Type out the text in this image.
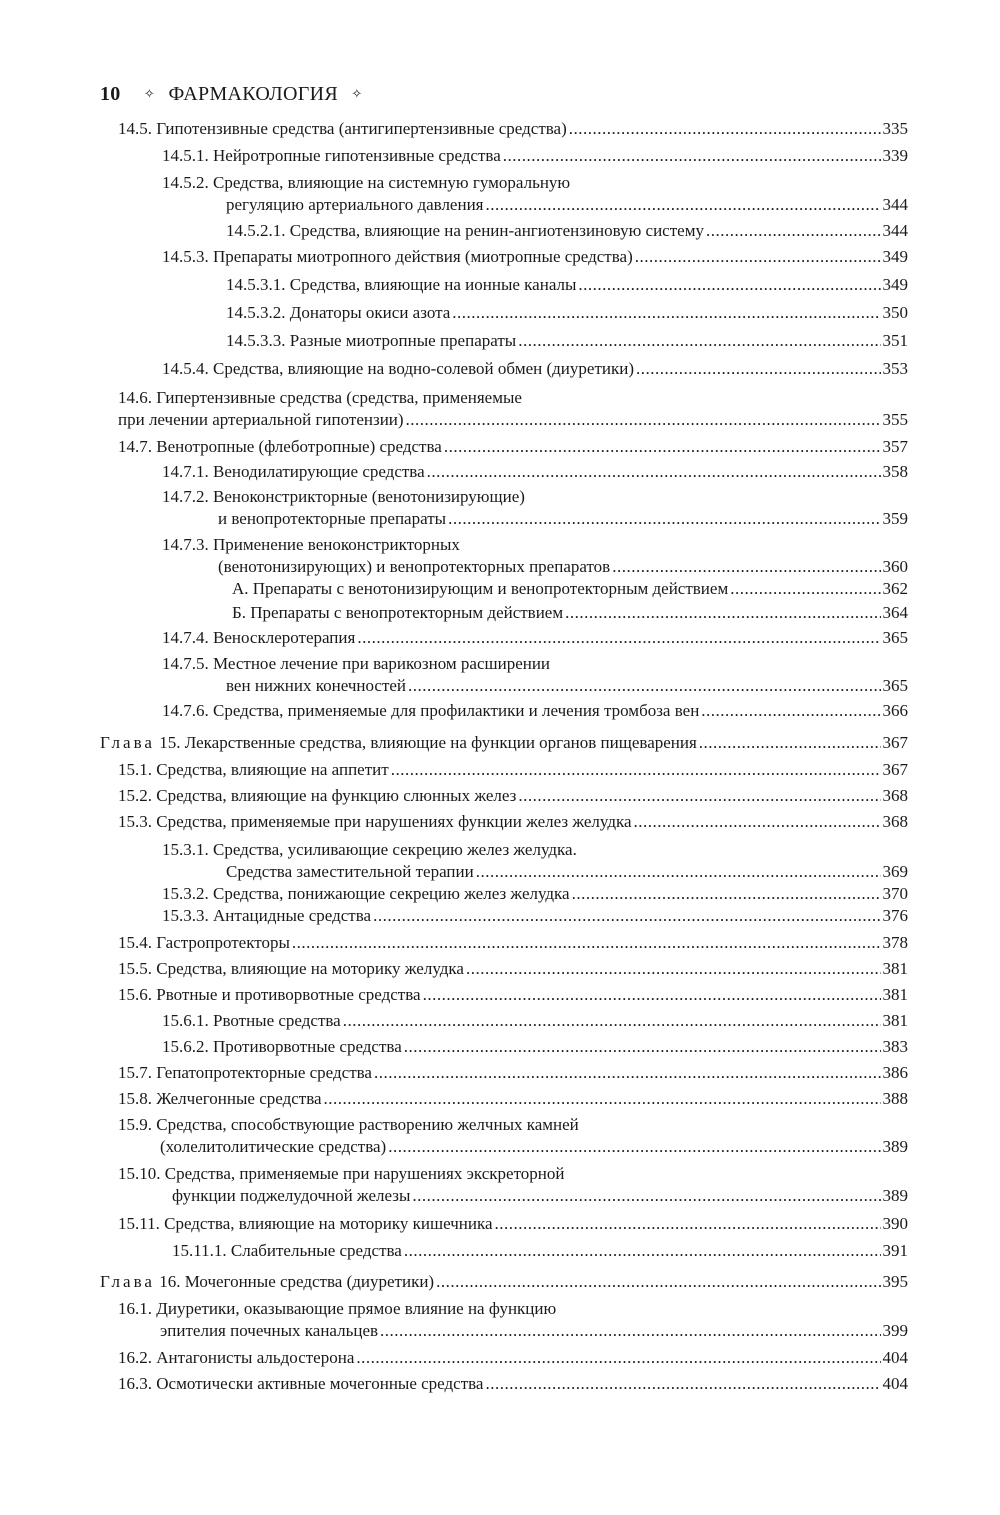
10 ✧ ФАРМАКОЛОГИЯ ✧
14.5. Гипотензивные средства (антигипертензивные средства) .....	335
14.5.1. Нейротропные гипотензивные средства .....	339
14.5.2. Средства, влияющие на системную гуморальную
регуляцию артериального давления .....	344
14.5.2.1. Средства, влияющие на ренин-ангиотензиновую систему .....	344
14.5.3. Препараты миотропного действия (миотропные средства) .....	349
14.5.3.1. Средства, влияющие на ионные каналы .....	349
14.5.3.2. Донаторы окиси азота .....	350
14.5.3.3. Разные миотропные препараты .....	351
14.5.4. Средства, влияющие на водно-солевой обмен (диуретики) .....	353
14.6. Гипертензивные средства (средства, применяемые
при лечении артериальной гипотензии) .....	355
14.7. Венотропные (флеботропные) средства .....	357
14.7.1. Венодилатирующие средства .....	358
14.7.2. Веноконстрикторные (венотонизирующие)
и венопротекторные препараты .....	359
14.7.3. Применение веноконстрикторных
(венотонизирующих) и венопротекторных препаратов .....	360
А. Препараты с венотонизирующим и венопротекторным действием .....	362
Б. Препараты с венопротекторным действием .....	364
14.7.4. Веносклеротерапия .....	365
14.7.5. Местное лечение при варикозном расширении
вен нижних конечностей .....	365
14.7.6. Средства, применяемые для профилактики и лечения тромбоза вен .....	366
Глава 15. Лекарственные средства, влияющие на функции органов пищеварения .....	367
15.1. Средства, влияющие на аппетит .....	367
15.2. Средства, влияющие на функцию слюнных желез .....	368
15.3. Средства, применяемые при нарушениях функции желез желудка .....	368
15.3.1. Средства, усиливающие секрецию желез желудка.
Средства заместительной терапии .....	369
15.3.2. Средства, понижающие секрецию желез желудка .....	370
15.3.3. Антацидные средства .....	376
15.4. Гастропротекторы .....	378
15.5. Средства, влияющие на моторику желудка .....	381
15.6. Рвотные и противорвотные средства .....	381
15.6.1. Рвотные средства .....	381
15.6.2. Противорвотные средства .....	383
15.7. Гепатопротекторные средства .....	386
15.8. Желчегонные средства .....	388
15.9. Средства, способствующие растворению желчных камней
(холелитолитические средства) .....	389
15.10. Средства, применяемые при нарушениях экскреторной
функции поджелудочной железы .....	389
15.11. Средства, влияющие на моторику кишечника .....	390
15.11.1. Слабительные средства .....	391
Глава 16. Мочегонные средства (диуретики) .....	395
16.1. Диуретики, оказывающие прямое влияние на функцию
эпителия почечных канальцев .....	399
16.2. Антагонисты альдостерона .....	404
16.3. Осмотически активные мочегонные средства .....	404
